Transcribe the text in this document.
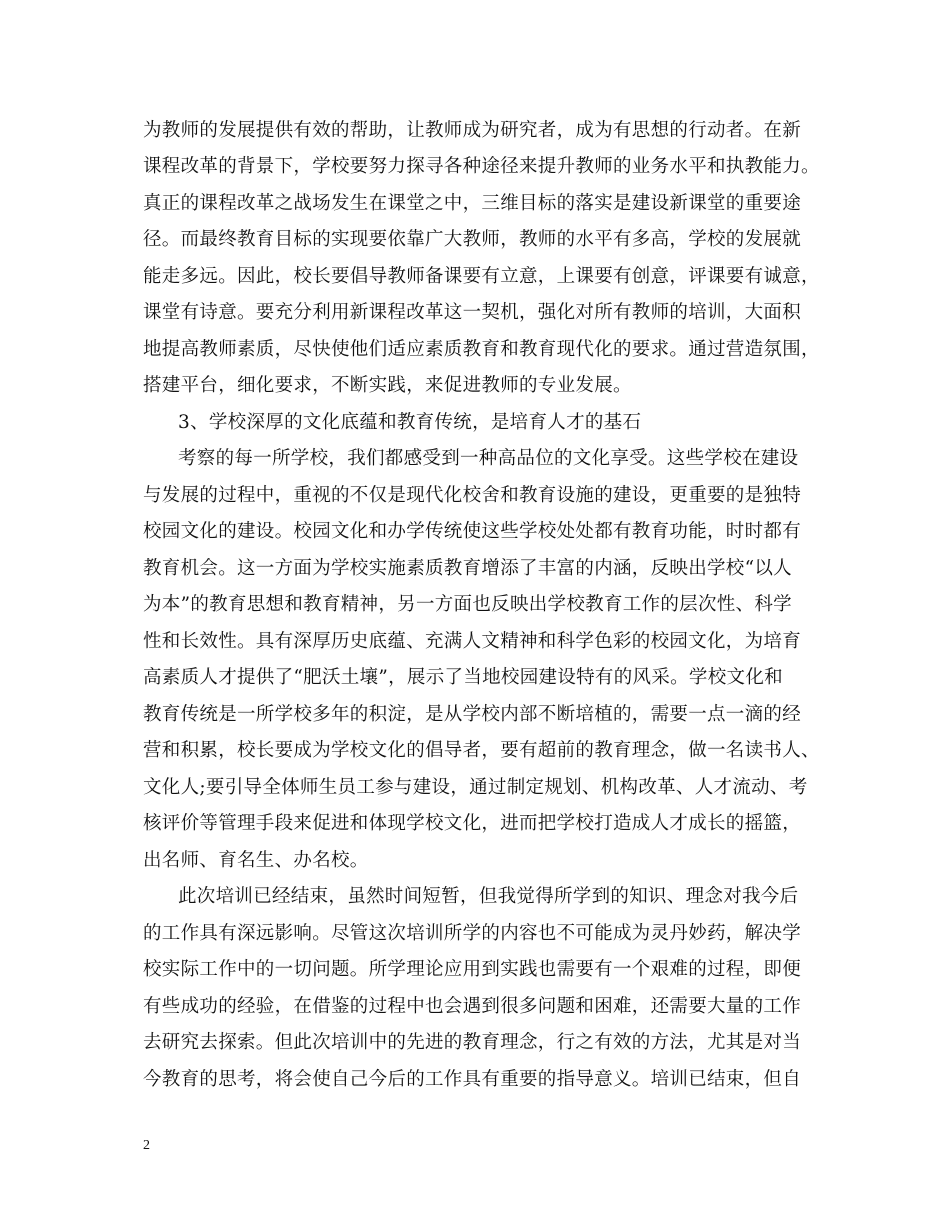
为教师的发展提供有效的帮助，让教师成为研究者，成为有思想的行动者。在新
课程改革的背景下，学校要努力探寻各种途径来提升教师的业务水平和执教能力。
真正的课程改革之战场发生在课堂之中，三维目标的落实是建设新课堂的重要途
径。而最终教育目标的实现要依靠广大教师，教师的水平有多高，学校的发展就
能走多远。因此，校长要倡导教师备课要有立意，上课要有创意，评课要有诚意，
课堂有诗意。要充分利用新课程改革这一契机，强化对所有教师的培训，大面积
地提高教师素质，尽快使他们适应素质教育和教育现代化的要求。通过营造氛围，
搭建平台，细化要求，不断实践，来促进教师的专业发展。
3、学校深厚的文化底蕴和教育传统，是培育人才的基石
考察的每一所学校，我们都感受到一种高品位的文化享受。这些学校在建设
与发展的过程中，重视的不仅是现代化校舍和教育设施的建设，更重要的是独特
校园文化的建设。校园文化和办学传统使这些学校处处都有教育功能，时时都有
教育机会。这一方面为学校实施素质教育增添了丰富的内涵，反映出学校“以人
为本”的教育思想和教育精神，另一方面也反映出学校教育工作的层次性、科学
性和长效性。具有深厚历史底蕴、充满人文精神和科学色彩的校园文化，为培育
高素质人才提供了“肥沃土壤”，展示了当地校园建设特有的风采。学校文化和
教育传统是一所学校多年的积淀，是从学校内部不断培植的，需要一点一滴的经
营和积累，校长要成为学校文化的倡导者，要有超前的教育理念，做一名读书人、
文化人;要引导全体师生员工参与建设，通过制定规划、机构改革、人才流动、考
核评价等管理手段来促进和体现学校文化，进而把学校打造成人才成长的摇篮，
出名师、育名生、办名校。
此次培训已经结束，虽然时间短暂，但我觉得所学到的知识、理念对我今后
的工作具有深远影响。尽管这次培训所学的内容也不可能成为灵丹妙药，解决学
校实际工作中的一切问题。所学理论应用到实践也需要有一个艰难的过程，即便
有些成功的经验，在借鉴的过程中也会遇到很多问题和困难，还需要大量的工作
去研究去探索。但此次培训中的先进的教育理念，行之有效的方法，尤其是对当
今教育的思考，将会使自己今后的工作具有重要的指导意义。培训已结束，但自
2
